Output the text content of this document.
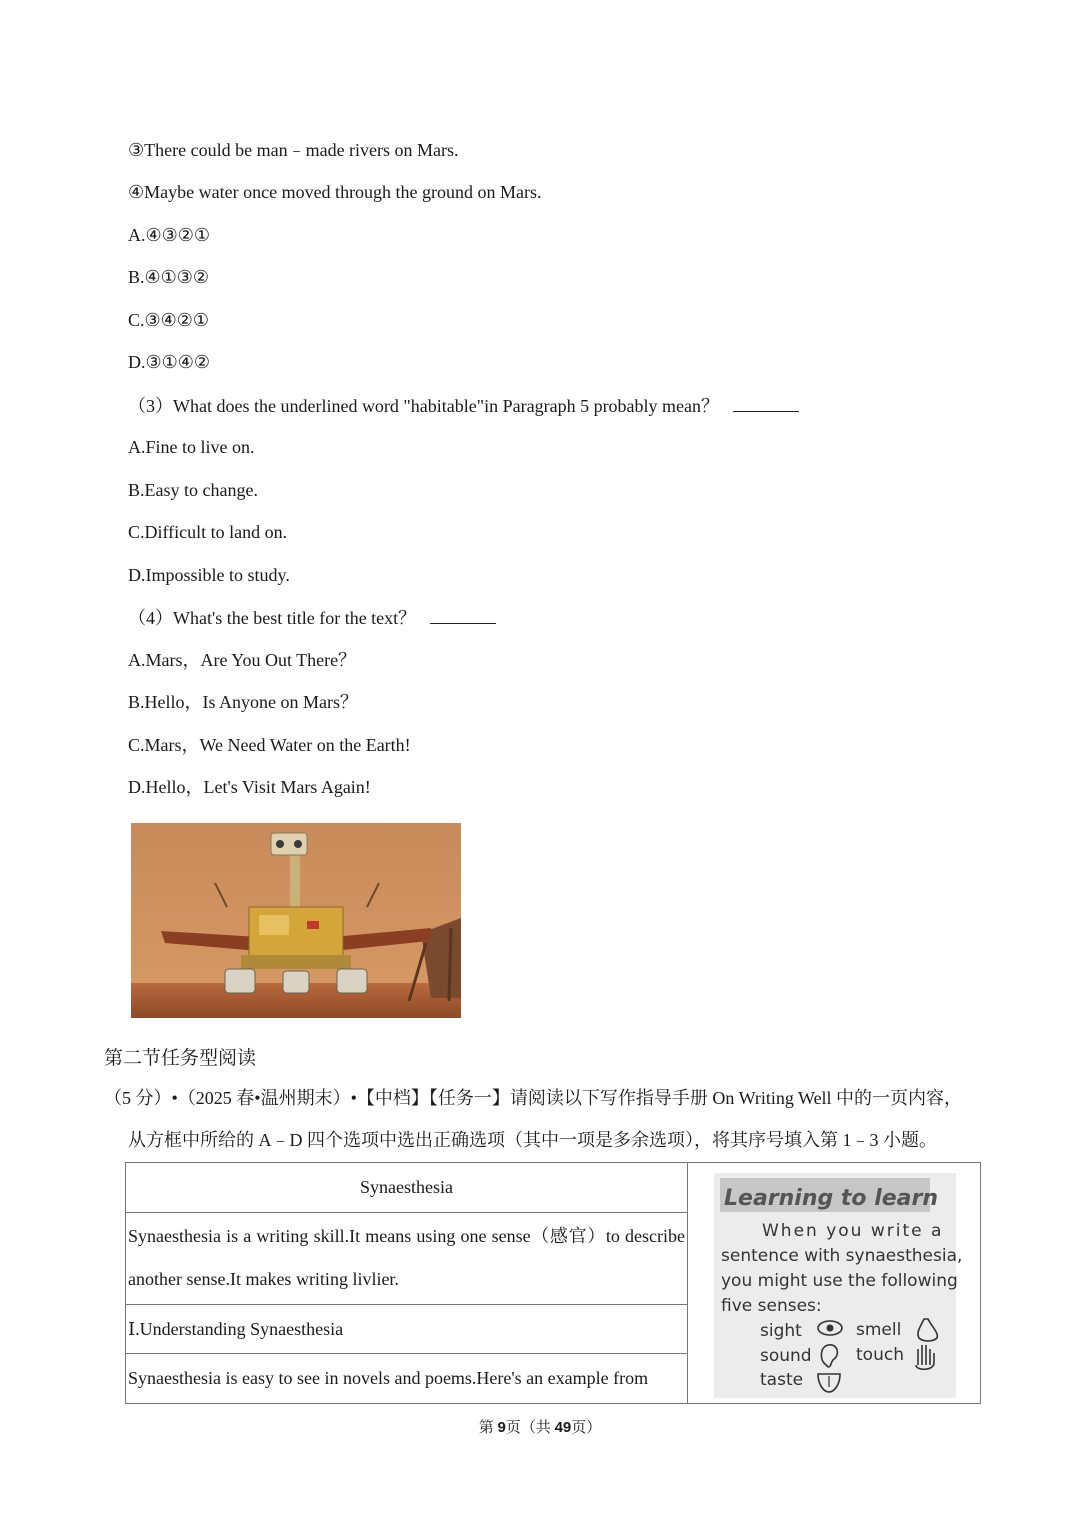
③There could be man﹣made rivers on Mars.
④Maybe water once moved through the ground on Mars.
A.④③②①
B.④①③②
C.③④②①
D.③①④②
（3）What does the underlined word "habitable"in Paragraph 5 probably mean？
A.Fine to live on.
B.Easy to change.
C.Difficult to land on.
D.Impossible to study.
（4）What's the best title for the text？
A.Mars，Are You Out There？
B.Hello，Is Anyone on Mars？
C.Mars，We Need Water on the Earth!
D.Hello，Let's Visit Mars Again!
第二节任务型阅读
（5 分）•（2025 春•温州期末）•【中档】【任务一】请阅读以下写作指导手册 On Writing Well 中的一页内容，
从方框中所给的 A﹣D 四个选项中选出正确选项（其中一项是多余选项），将其序号填入第 1﹣3 小题。
Synaesthesia	Learning to learn
When you write a
sentence with synaesthesia,
you might use the following
five senses:
sight	smell
sound	touch
taste

Synaesthesia is a writing skill.It means using one sense（感官）to describe another sense.It makes writing livlier.
Ⅰ.Understanding Synaesthesia
Synaesthesia is easy to see in novels and poems.Here's an example from
第 9页（共 49页）
